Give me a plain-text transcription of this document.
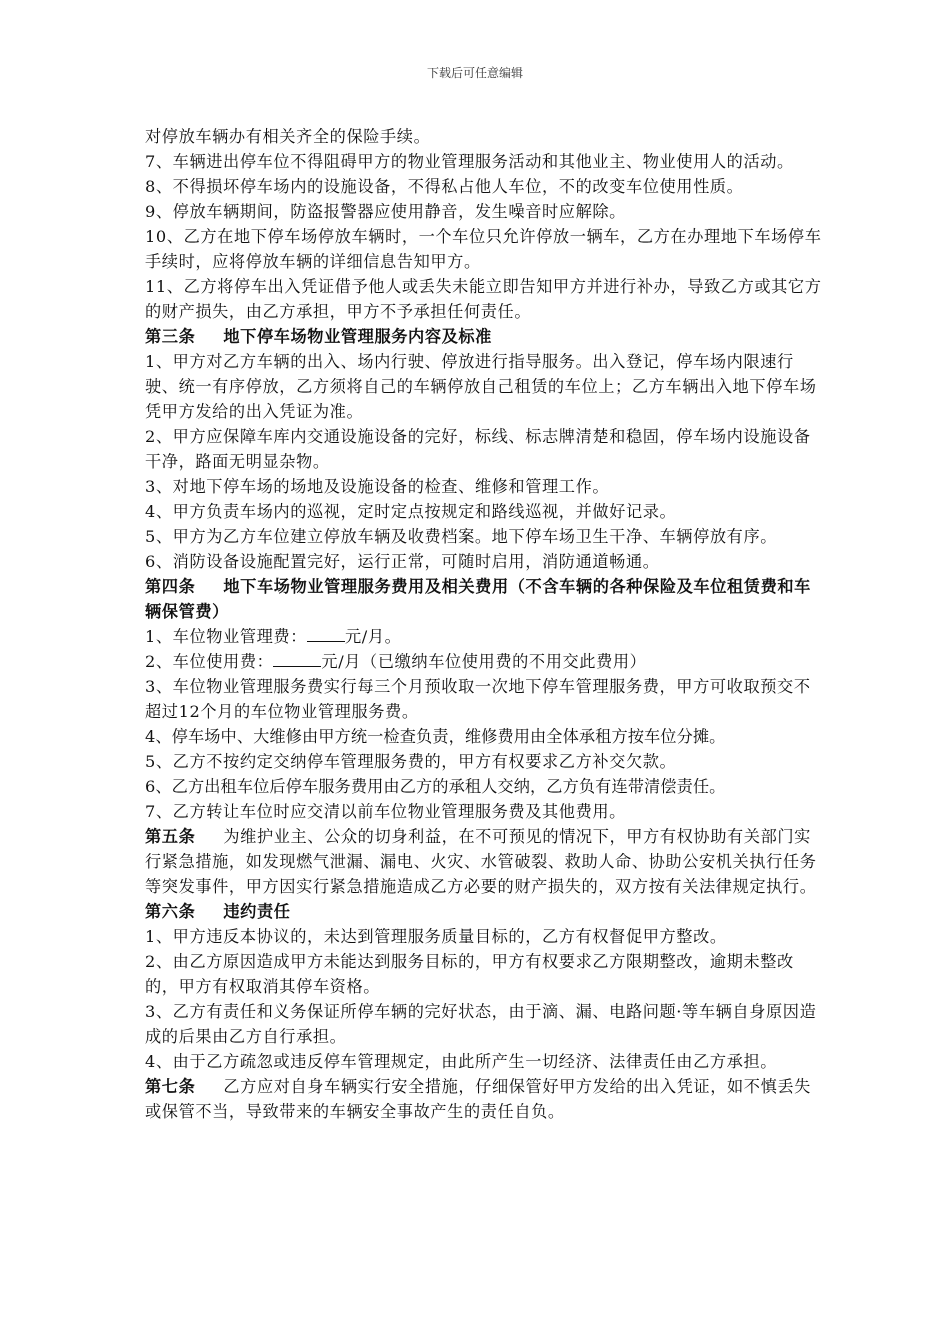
下载后可任意编辑

对停放车辆办有相关齐全的保险手续。

7、车辆进出停车位不得阻碍甲方的物业管理服务活动和其他业主、物业使用人的活动。

8、不得损坏停车场内的设施设备，不得私占他人车位，不的改变车位使用性质。

9、停放车辆期间，防盗报警器应使用静音，发生噪音时应解除。

10、乙方在地下停车场停放车辆时，一个车位只允许停放一辆车，乙方在办理地下车场停车手续时，应将停放车辆的详细信息告知甲方。

11、乙方将停车出入凭证借予他人或丢失未能立即告知甲方并进行补办，导致乙方或其它方的财产损失，由乙方承担，甲方不予承担任何责任。

第三条 地下停车场物业管理服务内容及标准

1、甲方对乙方车辆的出入、场内行驶、停放进行指导服务。出入登记，停车场内限速行驶、统一有序停放，乙方须将自己的车辆停放自己租赁的车位上；乙方车辆出入地下停车场凭甲方发给的出入凭证为准。

2、甲方应保障车库内交通设施设备的完好，标线、标志牌清楚和稳固，停车场内设施设备干净，路面无明显杂物。

3、对地下停车场的场地及设施设备的检查、维修和管理工作。

4、甲方负责车场内的巡视，定时定点按规定和路线巡视，并做好记录。

5、甲方为乙方车位建立停放车辆及收费档案。地下停车场卫生干净、车辆停放有序。

6、消防设备设施配置完好，运行正常，可随时启用，消防通道畅通。

第四条 地下车场物业管理服务费用及相关费用（不含车辆的各种保险及车位租赁费和车辆保管费）

1、车位物业管理费： 元/月。

2、车位使用费：	元/月（已缴纳车位使用费的不用交此费用）

3、车位物业管理服务费实行每三个月预收取一次地下停车管理服务费，甲方可收取预交不超过12个月的车位物业管理服务费。

4、停车场中、大维修由甲方统一检查负责，维修费用由全体承租方按车位分摊。

5、乙方不按约定交纳停车管理服务费的，甲方有权要求乙方补交欠款。

6、乙方出租车位后停车服务费用由乙方的承租人交纳，乙方负有连带清偿责任。

7、乙方转让车位时应交清以前车位物业管理服务费及其他费用。

第五条 为维护业主、公众的切身利益，在不可预见的情况下，甲方有权协助有关部门实行紧急措施，如发现燃气泄漏、漏电、火灾、水管破裂、救助人命、协助公安机关执行任务等突发事件，甲方因实行紧急措施造成乙方必要的财产损失的，双方按有关法律规定执行。

第六条 违约责任

1、甲方违反本协议的，未达到管理服务质量目标的，乙方有权督促甲方整改。

2、由乙方原因造成甲方未能达到服务目标的，甲方有权要求乙方限期整改，逾期未整改的，甲方有权取消其停车资格。

3、乙方有责任和义务保证所停车辆的完好状态，由于滴、漏、电路问题·等车辆自身原因造成的后果由乙方自行承担。

4、由于乙方疏忽或违反停车管理规定，由此所产生一切经济、法律责任由乙方承担。

第七条 乙方应对自身车辆实行安全措施，仔细保管好甲方发给的出入凭证，如不慎丢失或保管不当，导致带来的车辆安全事故产生的责任自负。
